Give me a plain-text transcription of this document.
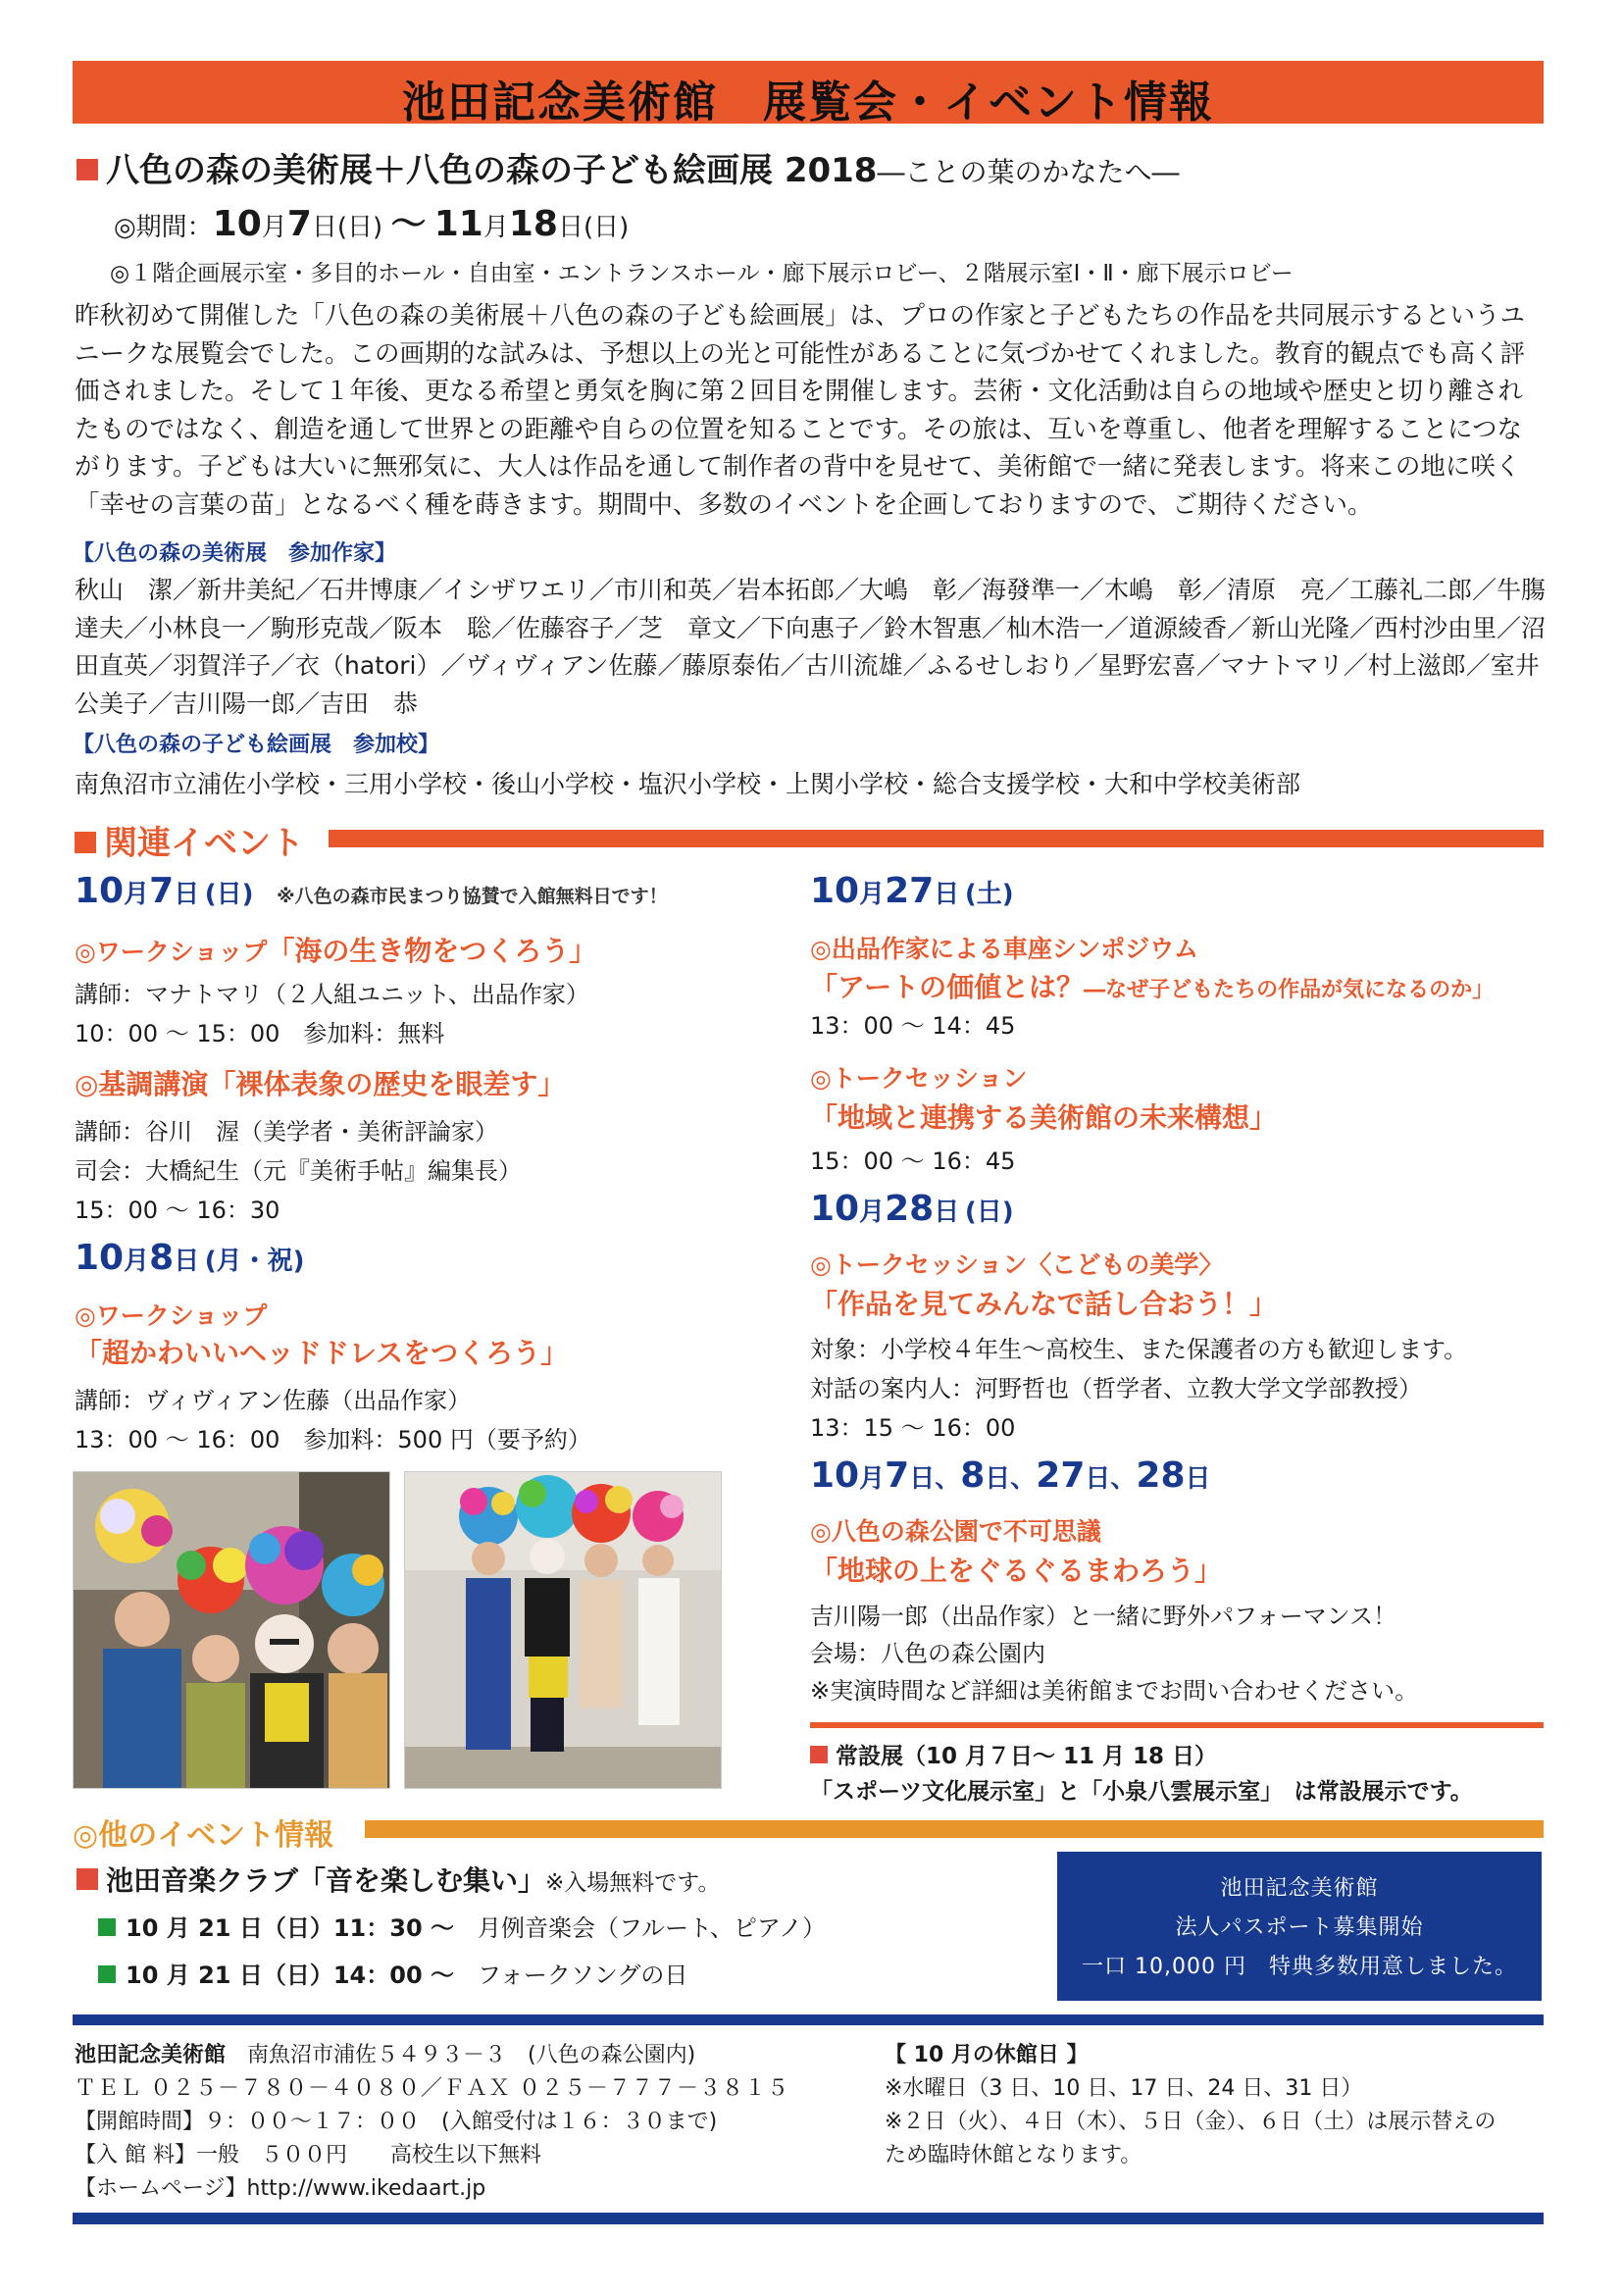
池田記念美術館　展覧会・イベント情報
八色の森の美術展＋八色の森の子ども絵画展 2018―ことの葉のかなたへ―
◎期間：10月7日(日) ～ 11月18日(日)
◎１階企画展示室・多目的ホール・自由室・エントランスホール・廊下展示ロビー、２階展示室Ⅰ・Ⅱ・廊下展示ロビー
昨秋初めて開催した「八色の森の美術展＋八色の森の子ども絵画展」は、プロの作家と子どもたちの作品を共同展示するというユニークな展覧会でした。この画期的な試みは、予想以上の光と可能性があることに気づかせてくれました。教育的観点でも高く評価されました。そして１年後、更なる希望と勇気を胸に第２回目を開催します。芸術・文化活動は自らの地域や歴史と切り離されたものではなく、創造を通して世界との距離や自らの位置を知ることです。その旅は、互いを尊重し、他者を理解することにつながります。子どもは大いに無邪気に、大人は作品を通して制作者の背中を見せて、美術館で一緒に発表します。将来この地に咲く「幸せの言葉の苗」となるべく種を蒔きます。期間中、多数のイベントを企画しておりますので、ご期待ください。
【八色の森の美術展　参加作家】
秋山　潔／新井美紀／石井博康／イシザワエリ／市川和英／岩本拓郎／大嶋　彰／海發準一／木嶋　彰／清原　亮／工藤礼二郎／牛膓達夫／小林良一／駒形克哉／阪本　聡／佐藤容子／芝　章文／下向惠子／鈴木智惠／杣木浩一／道源綾香／新山光隆／西村沙由里／沼田直英／羽賀洋子／衣（hatori）／ヴィヴィアン佐藤／藤原泰佑／古川流雄／ふるせしおり／星野宏喜／マナトマリ／村上滋郎／室井公美子／吉川陽一郎／吉田　恭
【八色の森の子ども絵画展　参加校】
南魚沼市立浦佐小学校・三用小学校・後山小学校・塩沢小学校・上関小学校・総合支援学校・大和中学校美術部
関連イベント
10月7日 (日) ※八色の森市民まつり協賛で入館無料日です！
◎ワークショップ「海の生き物をつくろう」
講師：マナトマリ（２人組ユニット、出品作家）
10：00 ～ 15：00　参加料：無料
◎基調講演「裸体表象の歴史を眼差す」
講師：谷川　渥（美学者・美術評論家）
司会：大橋紀生（元『美術手帖』編集長）
15：00 ～ 16：30
10月8日 (月・祝)
◎ワークショップ
「超かわいいヘッドドレスをつくろう」
講師：ヴィヴィアン佐藤（出品作家）
13：00 ～ 16：00　参加料：500 円（要予約）
10月27日 (土)
◎出品作家による車座シンポジウム
「アートの価値とは？―なぜ子どもたちの作品が気になるのか」
13：00 ～ 14：45
◎トークセッション
「地域と連携する美術館の未来構想」
15：00 ～ 16：45
10月28日 (日)
◎トークセッション〈こどもの美学〉
「作品を見てみんなで話し合おう！」
対象：小学校４年生～高校生、また保護者の方も歓迎します。
対話の案内人：河野哲也（哲学者、立教大学文学部教授）
13：15 ～ 16：00
10月7日、8日、27日、28日
◎八色の森公園で不可思議
「地球の上をぐるぐるまわろう」
吉川陽一郎（出品作家）と一緒に野外パフォーマンス！
会場：八色の森公園内
※実演時間など詳細は美術館までお問い合わせください。
常設展（10 月７日～ 11 月 18 日）
「スポーツ文化展示室」と「小泉八雲展示室」　は常設展示です。
◎他のイベント情報
池田音楽クラブ「音を楽しむ集い」※入場無料です。
10 月 21 日（日）11：30 ～　 月例音楽会（フルート、ピアノ）
10 月 21 日（日）14：00 ～　 フォークソングの日
池田記念美術館
法人パスポート募集開始
一口 10,000 円　特典多数用意しました。
池田記念美術館　 南魚沼市浦佐５４９３－３　(八色の森公園内)
ＴＥＬ ０２５－７８０－４０８０／ＦＡＸ ０２５－７７７－３８１５
【開館時間】９：００～１７：００　(入館受付は１６：３０まで)
【入 館 料】一般　５００円　　高校生以下無料
【ホームページ】http://www.ikedaart.jp
【 10 月の休館日 】
※水曜日（3 日、10 日、17 日、24 日、31 日）
※２日（火）、４日（木）、５日（金）、６日（土）は展示替えの
ため臨時休館となります。
